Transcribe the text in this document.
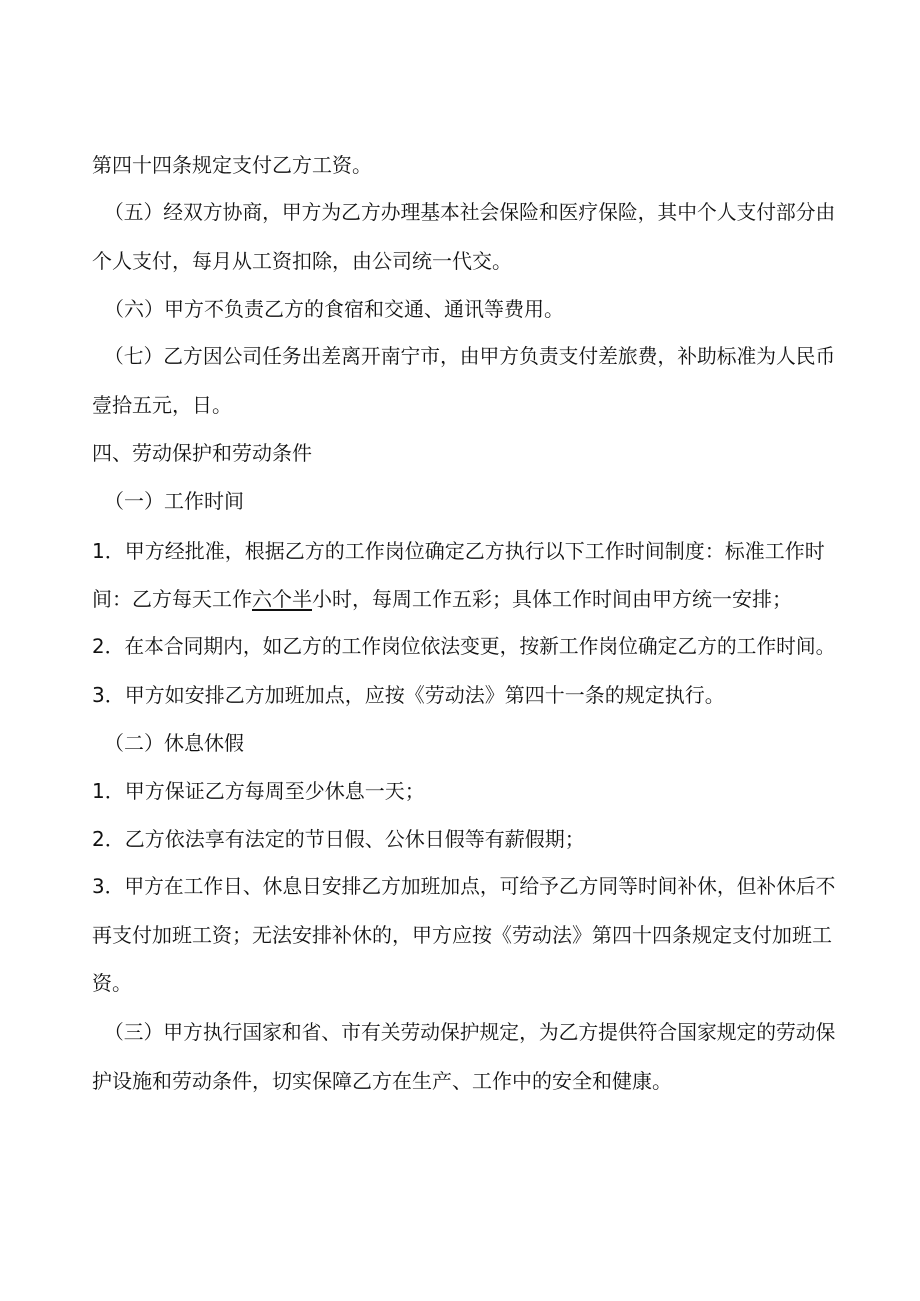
第四十四条规定支付乙方工资。
（五）经双方协商，甲方为乙方办理基本社会保险和医疗保险，其中个人支付部分由
个人支付，每月从工资扣除，由公司统一代交。
（六）甲方不负责乙方的食宿和交通、通讯等费用。
（七）乙方因公司任务出差离开南宁市，由甲方负责支付差旅费，补助标准为人民币
壹拾五元，日。
四、劳动保护和劳动条件
（一）工作时间
1．甲方经批准，根据乙方的工作岗位确定乙方执行以下工作时间制度：标准工作时
间：乙方每天工作六个半小时，每周工作五彩；具体工作时间由甲方统一安排；
2．在本合同期内，如乙方的工作岗位依法变更，按新工作岗位确定乙方的工作时间。
3．甲方如安排乙方加班加点，应按《劳动法》第四十一条的规定执行。
（二）休息休假
1．甲方保证乙方每周至少休息一天；
2．乙方依法享有法定的节日假、公休日假等有薪假期；
3．甲方在工作日、休息日安排乙方加班加点，可给予乙方同等时间补休，但补休后不
再支付加班工资；无法安排补休的，甲方应按《劳动法》第四十四条规定支付加班工
资。
（三）甲方执行国家和省、市有关劳动保护规定，为乙方提供符合国家规定的劳动保
护设施和劳动条件，切实保障乙方在生产、工作中的安全和健康。
